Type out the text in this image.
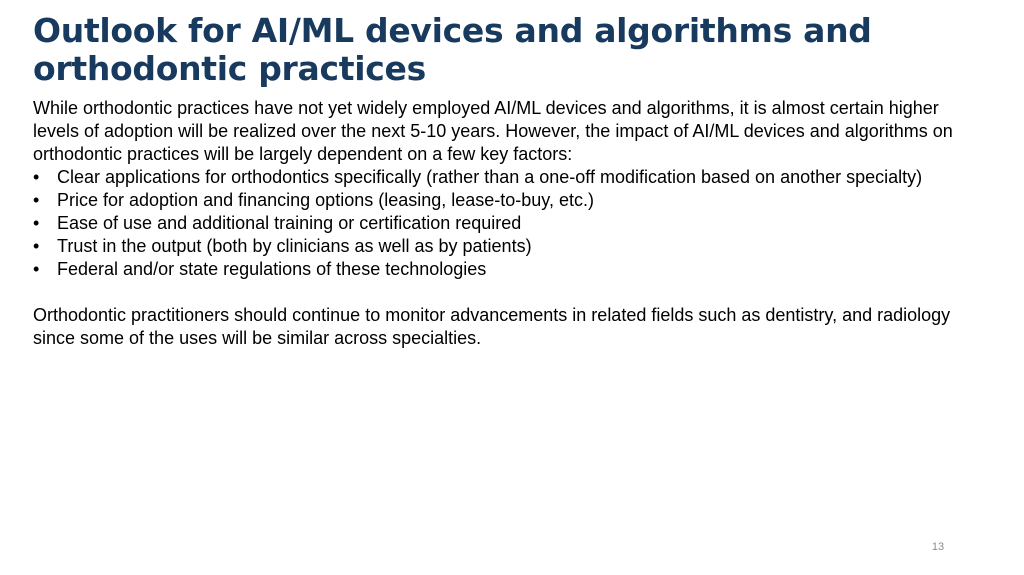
Outlook for AI/ML devices and algorithms and orthodontic practices

While orthodontic practices have not yet widely employed AI/ML devices and algorithms, it is almost certain higher levels of adoption will be realized over the next 5-10 years. However, the impact of AI/ML devices and algorithms on orthodontic practices will be largely dependent on a few key factors:

• Clear applications for orthodontics specifically (rather than a one-off modification based on another specialty)
• Price for adoption and financing options (leasing, lease-to-buy, etc.)
• Ease of use and additional training or certification required
• Trust in the output (both by clinicians as well as by patients)
• Federal and/or state regulations of these technologies

Orthodontic practitioners should continue to monitor advancements in related fields such as dentistry, and radiology since some of the uses will be similar across specialties.

13
